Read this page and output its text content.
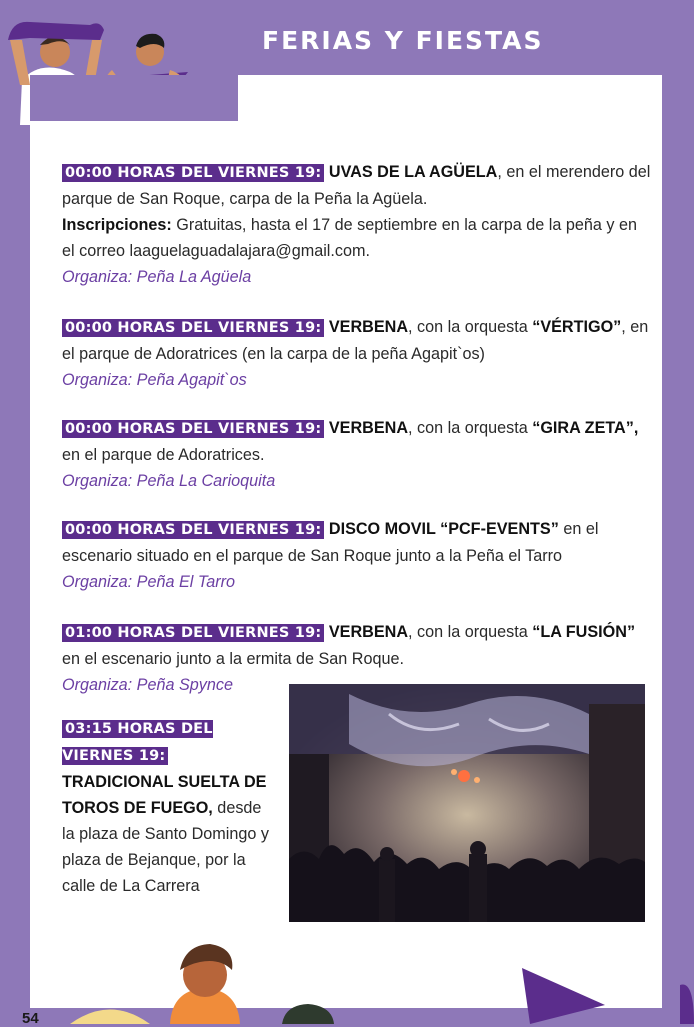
FERIAS Y FIESTAS
00:00 HORAS DEL VIERNES 19: UVAS DE LA AGÜELA, en el merendero del parque de San Roque, carpa de la Peña la Agüela.
Inscripciones: Gratuitas, hasta el 17 de septiembre en la carpa de la peña y en el correo laaguelaguadalajara@gmail.com.
Organiza: Peña La Agüela
00:00 HORAS DEL VIERNES 19: VERBENA, con la orquesta “VÉRTIGO”, en el parque de Adoratrices (en la carpa de la peña Agapit`os)
Organiza: Peña Agapit`os
00:00 HORAS DEL VIERNES 19: VERBENA, con la orquesta “GIRA ZETA”, en el parque de Adoratrices.
Organiza: Peña La Carioquita
00:00 HORAS DEL VIERNES 19: DISCO MOVIL “PCF-EVENTS” en el escenario situado en el parque de San Roque junto a la Peña el Tarro
Organiza: Peña El Tarro
01:00 HORAS DEL VIERNES 19: VERBENA, con la orquesta “LA FUSIÓN” en el escenario junto a la ermita de San Roque.
Organiza: Peña Spynce
03:15 HORAS DEL VIERNES 19:
TRADICIONAL SUELTA DE TOROS DE FUEGO, desde la plaza de Santo Domingo y plaza de Bejanque, por la calle de La Carrera
54
